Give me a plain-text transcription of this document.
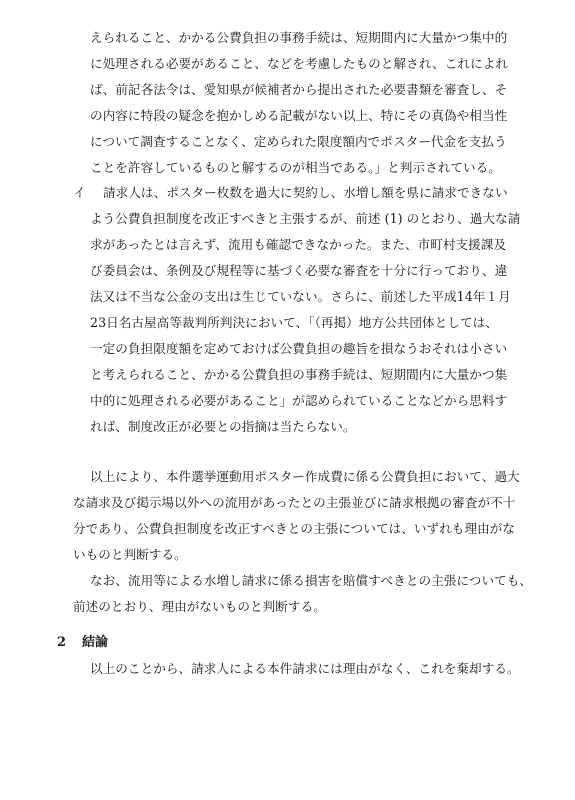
えられること、かかる公費負担の事務手続は、短期間内に大量かつ集中的
に処理される必要があること、などを考慮したものと解され、これによれ
ば、前記各法令は、愛知県が候補者から提出された必要書類を審査し、そ
の内容に特段の疑念を抱かしめる記載がない以上、特にその真偽や相当性
について調査することなく、定められた限度額内でポスター代金を支払う
ことを許容しているものと解するのが相当である。」と判示されている。
イ 請求人は、ポスター枚数を過大に契約し、水増し額を県に請求できない
よう公費負担制度を改正すべきと主張するが、前述 (1) のとおり、過大な請
求があったとは言えず、流用も確認できなかった。また、市町村支援課及
び委員会は、条例及び規程等に基づく必要な審査を十分に行っており、違
法又は不当な公金の支出は生じていない。さらに、前述した平成14年１月
23日名古屋高等裁判所判決において、「（再掲）地方公共団体としては、
一定の負担限度額を定めておけば公費負担の趣旨を損なうおそれは小さい
と考えられること、かかる公費負担の事務手続は、短期間内に大量かつ集
中的に処理される必要があること」が認められていることなどから思料す
れば、制度改正が必要との指摘は当たらない。
以上により、本件選挙運動用ポスター作成費に係る公費負担において、過大
な請求及び掲示場以外への流用があったとの主張並びに請求根拠の審査が不十
分であり、公費負担制度を改正すべきとの主張については、いずれも理由がな
いものと判断する。
なお、流用等による水増し請求に係る損害を賠償すべきとの主張についても、
前述のとおり、理由がないものと判断する。
2 結論
以上のことから、請求人による本件請求には理由がなく、これを棄却する。
